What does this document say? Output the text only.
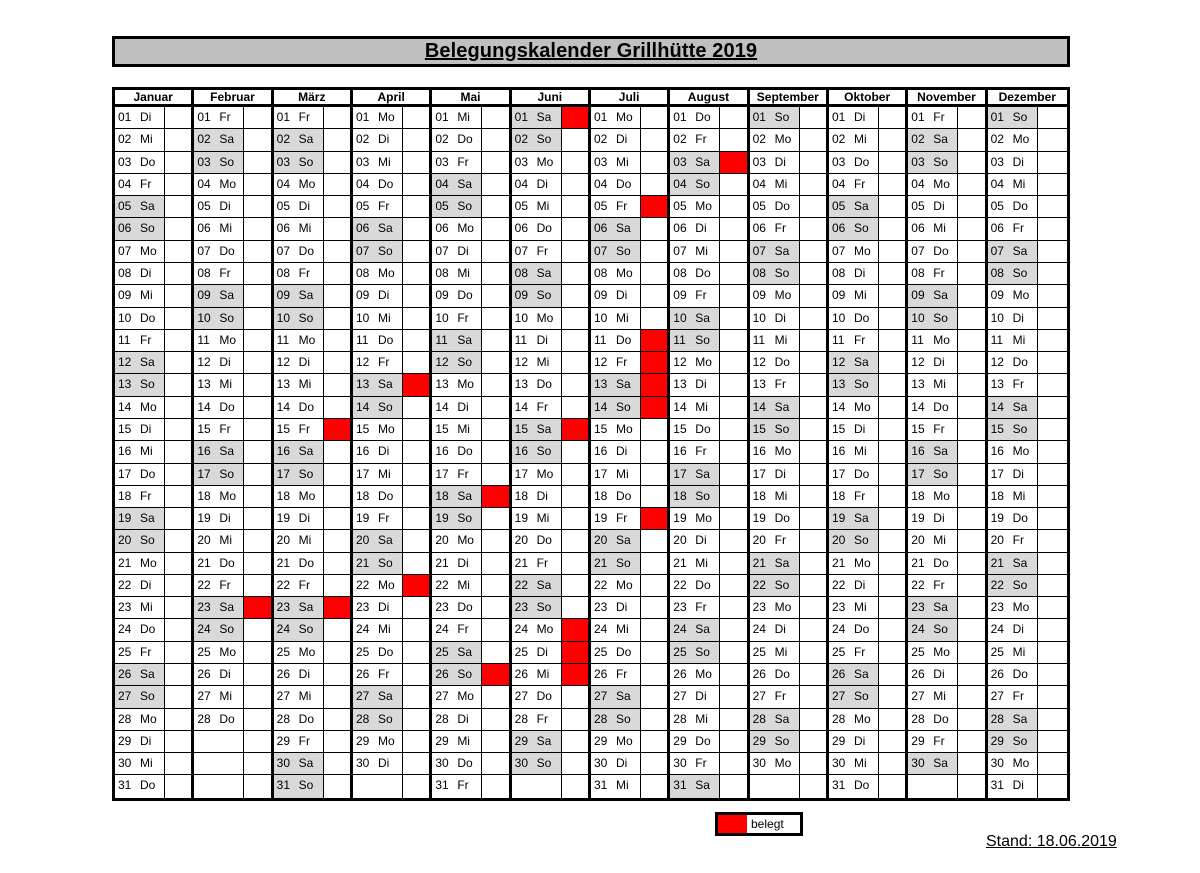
Belegungskalender Grillhütte 2019
Januar
01 Di
02 Mi
03 Do
04 Fr
05 Sa
06 So
07 Mo
08 Di
09 Mi
10 Do
11 Fr
12 Sa
13 So
14 Mo
15 Di
16 Mi
17 Do
18 Fr
19 Sa
20 So
21 Mo
22 Di
23 Mi
24 Do
25 Fr
26 Sa
27 So
28 Mo
29 Di
30 Mi
31 Do
Februar
01 Fr
02 Sa
03 So
04 Mo
05 Di
06 Mi
07 Do
08 Fr
09 Sa
10 So
11 Mo
12 Di
13 Mi
14 Do
15 Fr
16 Sa
17 So
18 Mo
19 Di
20 Mi
21 Do
22 Fr
23 Sa
24 So
25 Mo
26 Di
27 Mi
28 Do
März
01 Fr
02 Sa
03 So
04 Mo
05 Di
06 Mi
07 Do
08 Fr
09 Sa
10 So
11 Mo
12 Di
13 Mi
14 Do
15 Fr
16 Sa
17 So
18 Mo
19 Di
20 Mi
21 Do
22 Fr
23 Sa
24 So
25 Mo
26 Di
27 Mi
28 Do
29 Fr
30 Sa
31 So
April
01 Mo
02 Di
03 Mi
04 Do
05 Fr
06 Sa
07 So
08 Mo
09 Di
10 Mi
11 Do
12 Fr
13 Sa
14 So
15 Mo
16 Di
17 Mi
18 Do
19 Fr
20 Sa
21 So
22 Mo
23 Di
24 Mi
25 Do
26 Fr
27 Sa
28 So
29 Mo
30 Di
Mai
01 Mi
02 Do
03 Fr
04 Sa
05 So
06 Mo
07 Di
08 Mi
09 Do
10 Fr
11 Sa
12 So
13 Mo
14 Di
15 Mi
16 Do
17 Fr
18 Sa
19 So
20 Mo
21 Di
22 Mi
23 Do
24 Fr
25 Sa
26 So
27 Mo
28 Di
29 Mi
30 Do
31 Fr
Juni
01 Sa
02 So
03 Mo
04 Di
05 Mi
06 Do
07 Fr
08 Sa
09 So
10 Mo
11 Di
12 Mi
13 Do
14 Fr
15 Sa
16 So
17 Mo
18 Di
19 Mi
20 Do
21 Fr
22 Sa
23 So
24 Mo
25 Di
26 Mi
27 Do
28 Fr
29 Sa
30 So
Juli
01 Mo
02 Di
03 Mi
04 Do
05 Fr
06 Sa
07 So
08 Mo
09 Di
10 Mi
11 Do
12 Fr
13 Sa
14 So
15 Mo
16 Di
17 Mi
18 Do
19 Fr
20 Sa
21 So
22 Mo
23 Di
24 Mi
25 Do
26 Fr
27 Sa
28 So
29 Mo
30 Di
31 Mi
August
01 Do
02 Fr
03 Sa
04 So
05 Mo
06 Di
07 Mi
08 Do
09 Fr
10 Sa
11 So
12 Mo
13 Di
14 Mi
15 Do
16 Fr
17 Sa
18 So
19 Mo
20 Di
21 Mi
22 Do
23 Fr
24 Sa
25 So
26 Mo
27 Di
28 Mi
29 Do
30 Fr
31 Sa
September
01 So
02 Mo
03 Di
04 Mi
05 Do
06 Fr
07 Sa
08 So
09 Mo
10 Di
11 Mi
12 Do
13 Fr
14 Sa
15 So
16 Mo
17 Di
18 Mi
19 Do
20 Fr
21 Sa
22 So
23 Mo
24 Di
25 Mi
26 Do
27 Fr
28 Sa
29 So
30 Mo
Oktober
01 Di
02 Mi
03 Do
04 Fr
05 Sa
06 So
07 Mo
08 Di
09 Mi
10 Do
11 Fr
12 Sa
13 So
14 Mo
15 Di
16 Mi
17 Do
18 Fr
19 Sa
20 So
21 Mo
22 Di
23 Mi
24 Do
25 Fr
26 Sa
27 So
28 Mo
29 Di
30 Mi
31 Do
November
01 Fr
02 Sa
03 So
04 Mo
05 Di
06 Mi
07 Do
08 Fr
09 Sa
10 So
11 Mo
12 Di
13 Mi
14 Do
15 Fr
16 Sa
17 So
18 Mo
19 Di
20 Mi
21 Do
22 Fr
23 Sa
24 So
25 Mo
26 Di
27 Mi
28 Do
29 Fr
30 Sa
Dezember
01 So
02 Mo
03 Di
04 Mi
05 Do
06 Fr
07 Sa
08 So
09 Mo
10 Di
11 Mi
12 Do
13 Fr
14 Sa
15 So
16 Mo
17 Di
18 Mi
19 Do
20 Fr
21 Sa
22 So
23 Mo
24 Di
25 Mi
26 Do
27 Fr
28 Sa
29 So
30 Mo
31 Di
belegt
Stand: 18.06.2019
